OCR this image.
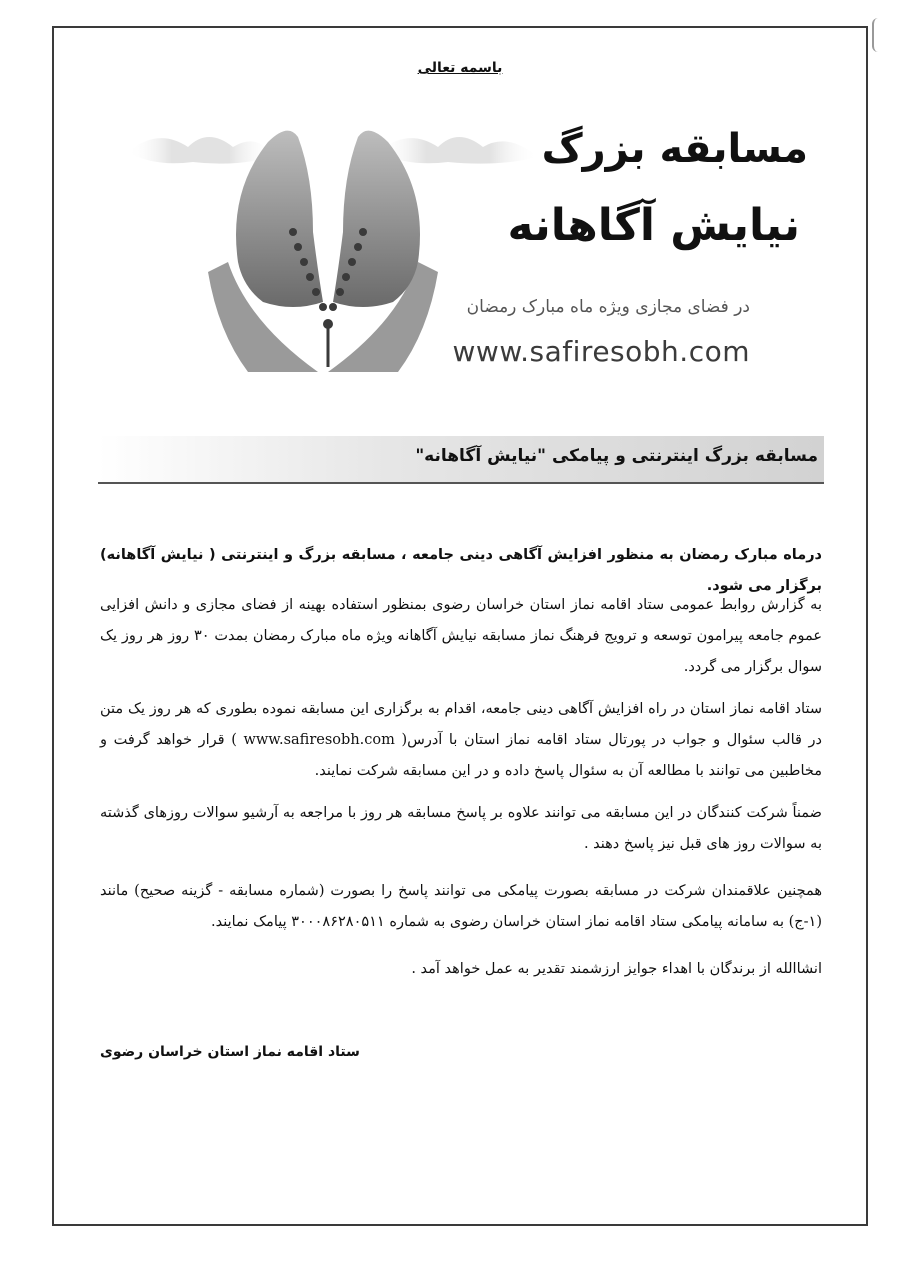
باسمه تعالی
مسابقه بزرگ
نیایش آگاهانه
در فضای مجازی ویژه ماه مبارک رمضان
www.safiresobh.com
مسابقه بزرگ اینترنتی و پیامکی "نیایش آگاهانه"
درماه مبارک رمضان به منظور افزایش آگاهی دینی جامعه ، مسابقه بزرگ و اینترنتی ( نیایش آگاهانه) برگزار می شود.
به گزارش روابط عمومی ستاد اقامه نماز استان خراسان رضوی بمنظور استفاده بهینه از فضای مجازی و دانش افزایی عموم جامعه پیرامون توسعه و ترویج فرهنگ نماز مسابقه نیایش آگاهانه ویژه ماه مبارک رمضان بمدت ۳۰ روز هر روز یک سوال برگزار می گردد.
ستاد اقامه نماز استان در راه افزایش آگاهی دینی جامعه، اقدام به برگزاری این مسابقه نموده بطوری که هر روز یک متن در قالب سئوال و جواب در پورتال ستاد اقامه نماز استان با آدرس( www.safiresobh.com ) قرار خواهد گرفت و مخاطبین می توانند با مطالعه آن به سئوال پاسخ داده و در این مسابقه شرکت نمایند.
ضمناً شرکت کنندگان در این مسابقه می توانند علاوه بر پاسخ مسابقه هر روز با مراجعه به آرشیو سوالات روزهای گذشته به سوالات روز های قبل نیز پاسخ دهند .
همچنین علاقمندان شرکت در مسابقه بصورت پیامکی می توانند پاسخ را بصورت (شماره مسابقه - گزینه صحیح) مانند (۱-ج) به سامانه پیامکی ستاد اقامه نماز استان خراسان رضوی به شماره ۳۰۰۰۸۶۲۸۰۵۱۱ پیامک نمایند.
انشاالله از برندگان با اهداء جوایز ارزشمند تقدیر به عمل خواهد آمد .
ستاد اقامه نماز استان خراسان رضوی
